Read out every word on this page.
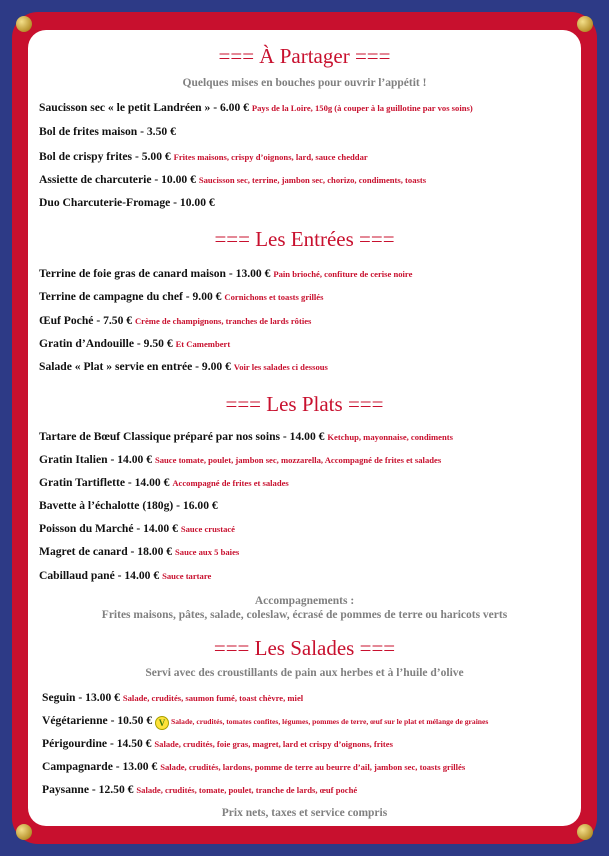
=== À Partager ===
Quelques mises en bouches pour ouvrir l’appétit !
Saucisson sec « le petit Landréen » - 6.00 € Pays de la Loire, 150g (à couper à la guillotine par vos soins)
Bol de frites maison - 3.50 €
Bol de crispy frites - 5.00 € Frites maisons, crispy d’oignons, lard, sauce cheddar
Assiette de charcuterie - 10.00 € Saucisson sec, terrine, jambon sec, chorizo, condiments, toasts
Duo Charcuterie-Fromage - 10.00 €
=== Les Entrées ===
Terrine de foie gras de canard maison - 13.00 € Pain brioché, confiture de cerise noire
Terrine de campagne du chef - 9.00 € Cornichons et toasts grillés
Œuf Poché - 7.50 € Crème de champignons, tranches de lards rôties
Gratin d’Andouille - 9.50 € Et Camembert
Salade « Plat » servie en entrée - 9.00 € Voir les salades ci dessous
=== Les Plats ===
Tartare de Bœuf Classique préparé par nos soins - 14.00 € Ketchup, mayonnaise, condiments
Gratin Italien - 14.00 € Sauce tomate, poulet, jambon sec, mozzarella, Accompagné de frites et salades
Gratin Tartiflette - 14.00 € Accompagné de frites et salades
Bavette à l’échalotte (180g) - 16.00 €
Poisson du Marché - 14.00 € Sauce crustacé
Magret de canard - 18.00 € Sauce aux 5 baies
Cabillaud pané - 14.00 € Sauce tartare
Accompagnements :
Frites maisons, pâtes, salade, coleslaw, écrasé de pommes de terre ou haricots verts
=== Les Salades ===
Servi avec des croustillants de pain aux herbes et à l’huile d’olive
Seguin - 13.00 € Salade, crudités, saumon fumé, toast chèvre, miel
Végétarienne - 10.50 € V Salade, crudités, tomates confites, légumes, pommes de terre, œuf sur le plat et mélange de graines
Périgourdine - 14.50 € Salade, crudités, foie gras, magret, lard et crispy d’oignons, frites
Campagnarde - 13.00 € Salade, crudités, lardons, pomme de terre au beurre d’ail, jambon sec, toasts grillés
Paysanne - 12.50 € Salade, crudités, tomate, poulet, tranche de lards, œuf poché
Prix nets, taxes et service compris
